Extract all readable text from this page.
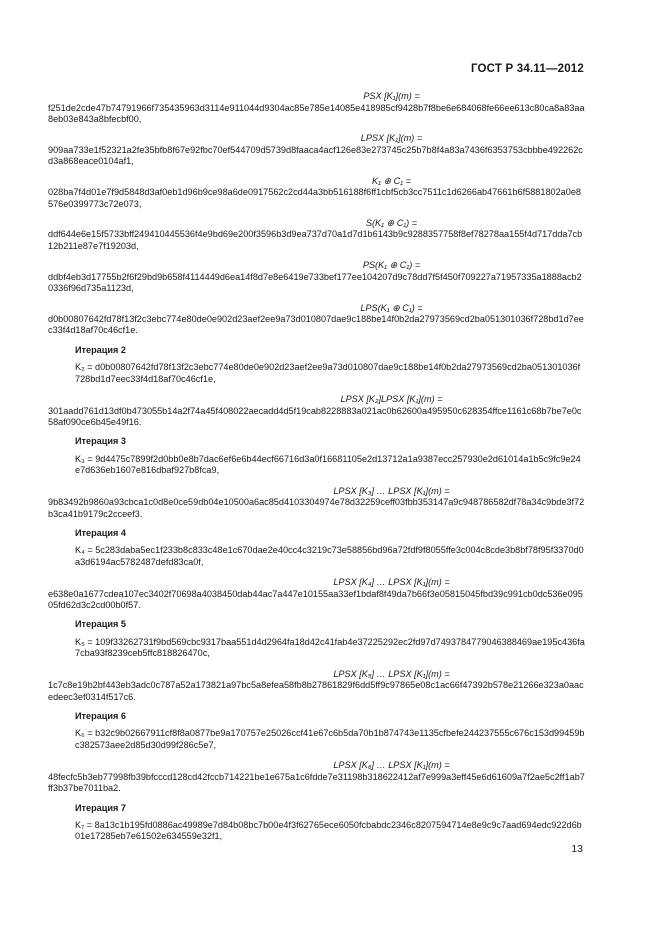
ГОСТ Р 34.11—2012
PSX [K₁](m) =
f251de2cde47b74791966f735435963d3114e911044d9304ac85e785e14085e418985cf9428b7f8be6e684068fe66ee613c80ca8a83aa8eb03e843a8bfecbf00,
LPSX [K₁](m) =
909aa733e1f52321a2fe35bfb8f67e92fbc70ef544709d5739d8faaca4acf126e83e273745c25b7b8f4a83a7436f6353753cbbbe492262cd3a868eace0104af1,
K₁ ⊕ C₁ =
028ba7f4d01e7f9d5848d3af0eb1d96b9ce98a6de0917562c2cd44a3bb516188f6ff1cbf5cb3cc7511c1d6266ab47661b6f5881802a0e8576e0399773c72e073,
S(K₁ ⊕ C₁) =
ddf644e6e15f5733bff249410445536f4e9bd69e200f3596b3d9ea737d70a1d7d1b6143b9c9288357758f8ef78278aa155f4d717dda7cb12b211e87e7f19203d,
PS(K₁ ⊕ C₁) =
ddbf4eb3d17755b2f6f29bd9b658f4114449d6ea14f8d7e8e6419e733bef177ee104207d9c78dd7f5f450f709227a71957335a1888acb20336f96d735a1123d,
LPS(K₁ ⊕ C₁) =
d0b00807642fd78f13f2c3ebc774e80de0e902d23aef2ee9a73d010807dae9c188be14f0b2da27973569cd2ba051301036f728bd1d7eec33f4d18af70c46cf1e.
Итерация 2
K₂ = d0b00807642fd78f13f2c3ebc774e80de0e902d23aef2ee9a73d010807dae9c188be14f0b2da27973569cd2ba051301036f728bd1d7eec33f4d18af70c46cf1e,
LPSX [K₂]LPSX [K₁](m) =
301aadd761d13df0b473055b14a2f74a45f408022aecadd4d5f19cab8228883a021ac0b62600a495950c628354ffce1161c68b7be7e0c58af090ce6b45e49f16.
Итерация 3
K₃ = 9d4475c7899f2d0bb0e8b7dac6ef6e6b44ecf66716d3a0f16681105e2d13712a1a9387ecc257930e2d61014a1b5c9fc9e24e7d636eb1607e816dbaf927b8fca9,
LPSX [K₃] … LPSX [K₁](m) =
9b83492b9860a93cbca1c0d8e0ce59db04e10500a6ac85d4103304974e78d32259ceff03fbb353147a9c948786582df78a34c9bde3f72b3ca41b9179c2cceef3.
Итерация 4
K₄ = 5c283daba5ec1f233b8c833c48e1c670dae2e40cc4c3219c73e58856bd96a72fdf9f8055ffe3c004c8cde3b8bf78f95f3370d0a3d6194ac5782487defd83ca0f,
LPSX [K₄] … LPSX [K₁](m) =
e638e0a1677cdea107ec3402f70698a4038450dab44ac7a447e10155aa33ef1bdaf8f49da7b66f3e05815045fbd39c991cb0dc536e09505fd62d3c2cd00b0f57.
Итерация 5
K₅ = 109f33262731f9bd569cbc9317baa551d4d2964fa18d42c41fab4e37225292ec2fd97d7493784779046388469ae195c436fa7cba93f8239ceb5ffc818826470c,
LPSX [K₅] … LPSX [K₁](m) =
1c7c8e19b2bf443eb3adc0c787a52a173821a97bc5a8efea58fb8b27861829f6dd5ff9c97865e08c1ac66f47392b578e21266e323a0aacedeec3ef0314f517c6.
Итерация 6
K₆ = b32c9b02667911cf8f8a0877be9a170757e25026ccf41e67c6b5da70b1b874743e1135cfbefe244237555c676c153d99459bc382573aee2d85d30d99f286c5e7,
LPSX [K₆] … LPSX [K₁](m) =
48fecfc5b3eb77998fb39bfcccd128cd42fccb714221be1e675a1c6fdde7e31198b318622412af7e999a3eff45e6d61609a7f2ae5c2ff1ab7ff3b37be7011ba2.
Итерация 7
K₇ = 8a13c1b195fd0886ac49989e7d84b08bc7b00e4f3f62765ece6050fcbabdc2346c8207594714e8e9c9c7aad694edc922d6b01e17285eb7e61502e634559e32f1,
13
